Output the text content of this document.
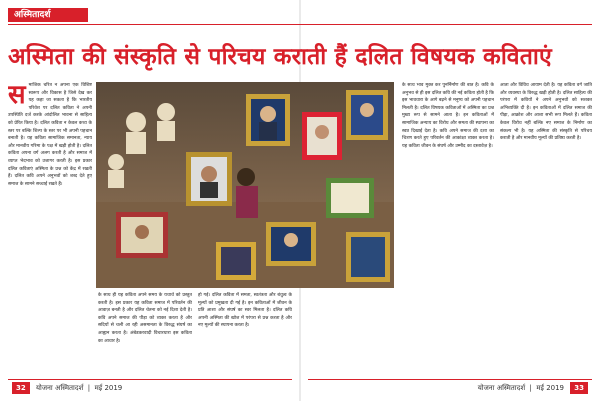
अस्मितादर्श
अस्मिता की संस्कृति से परिचय कराती हैं दलित विषयक कविताएं
स माजिक चरित्र न अपना एक विशिष्ट स्वरूप और विकास है जिसे देख कर यह कहा जा सकता है कि भारतीय परिवेश पर दलित कविता ने अपनी उपस्थिति दर्ज करके आंदोलित भावना से साहित्य को प्रेरित किया है। दलित कविता न केवल कथ्य के स्तर पर बल्कि शिल्प के स्तर पर भी अपनी पहचान बनाती है। यह कविता सामाजिक समानता, न्याय और मानवीय गरिमा के पक्ष में खड़ी होती है। दलित कविता अपना वर्ग अलग करती है और समाज में व्याप्त भेदभाव को उजागर करती है। इस प्रकार दलित कविताएं अस्मिता के प्रश्न को केंद्र में रखती हैं। दलित कवि अपने अनुभवों को शब्द देते हुए समाज के सामने सच्चाई रखते हैं।
के साथ ही यह कविता अपने समय के यथार्थ को प्रस्तुत करती है। इस प्रकार यह कविता समाज में परिवर्तन की आवाज़ बनती है और दलित चेतना को नई दिशा देती है। कवि अपने समाज की पीड़ा को व्यक्त करता है और सदियों से चली आ रही असमानता के विरुद्ध संघर्ष का आह्वान करता है। अंबेडकरवादी विचारधारा इस कविता का आधार है।
हो गई। दलित कविता में समता, स्वतंत्रता और बंधुत्व के मूल्यों को प्रमुखता दी गई है। इन कविताओं में जीवन के प्रति आशा और संघर्ष का स्वर मिलता है। दलित कवि अपनी अस्मिता की खोज में परंपरा से प्रश्न करता है और नए मूल्यों की स्थापना करता है।
के साथ भाव मुक्त कर पुनर्निर्माण की बात है। कवि के अनुभव से ही इस दलित कवि की नई कविता होती है कि इस भावधारा के आगे बढ़ने से मनुष्य को अपनी पहचान मिलती है। दलित विषयक कविताओं में अस्मिता का प्रश्न मुख्य रूप से सामने आता है। इन कविताओं में सामाजिक अन्याय का विरोध और समता की स्थापना का स्वप्न दिखाई देता है। कवि अपने समाज की दशा का चित्रण करते हुए परिवर्तन की आकांक्षा व्यक्त करता है। यह कविता जीवन के संघर्ष और उम्मीद का दस्तावेज़ है।
आता और विविध आयाम देती है। यह कविता वर्ग जाति और व्यवस्था के विरुद्ध खड़ी होती है। दलित साहित्य की परंपरा में कवियों ने अपने अनुभवों को सशक्त अभिव्यक्ति दी है। इन कविताओं में दलित समाज की पीड़ा, आक्रोश और आशा सभी रूप मिलते हैं। कविता केवल विरोध नहीं बल्कि नए समाज के निर्माण का संकल्प भी है। यह अस्मिता की संस्कृति से परिचय कराती है और मानवीय मूल्यों की प्रतिष्ठा करती है।
32 योजना अस्मितादर्श  |  मई 2019	योजना अस्मितादर्श  |  मई 2019 33
